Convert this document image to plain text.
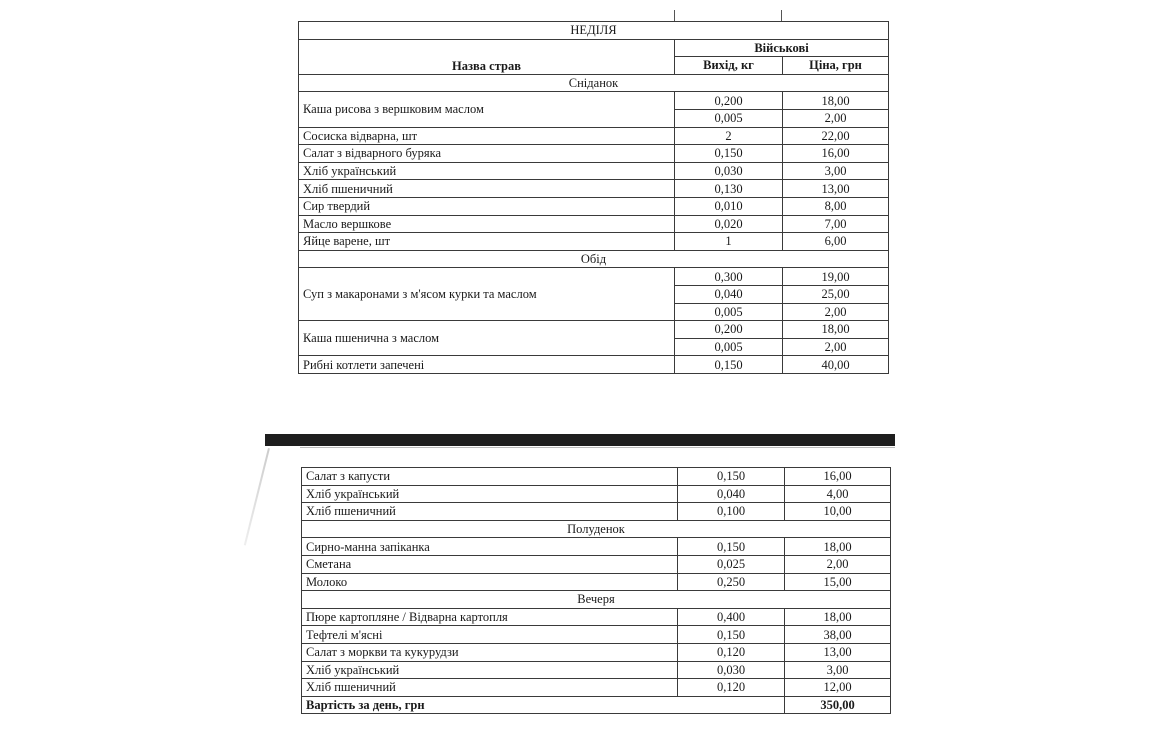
НЕДІЛЯ		
Назва страв	Військові	
	Вихід, кг	Ціна, грн
Сніданок		
Каша рисова з вершковим маслом	0,200	18,00
	0,005	2,00
Сосиска відварна, шт	2	22,00
Салат з відварного буряка	0,150	16,00
Хліб український	0,030	3,00
Хліб пшеничний	0,130	13,00
Сир твердий	0,010	8,00
Масло вершкове	0,020	7,00
Яйце варене, шт	1	6,00
Обід		
Суп з макаронами з м'ясом курки та маслом	0,300	19,00
	0,040	25,00
	0,005	2,00
Каша пшенична з маслом	0,200	18,00
	0,005	2,00
Рибні котлети запечені	0,150	40,00
Салат з капусти	0,150	16,00
Хліб український	0,040	4,00
Хліб пшеничний	0,100	10,00
Полуденок		
Сирно-манна запіканка	0,150	18,00
Сметана	0,025	2,00
Молоко	0,250	15,00
Вечеря		
Пюре картопляне / Відварна картопля	0,400	18,00
Тефтелі м'ясні	0,150	38,00
Салат з моркви та кукурудзи	0,120	13,00
Хліб український	0,030	3,00
Хліб пшеничний	0,120	12,00
Вартість за день, грн		350,00
